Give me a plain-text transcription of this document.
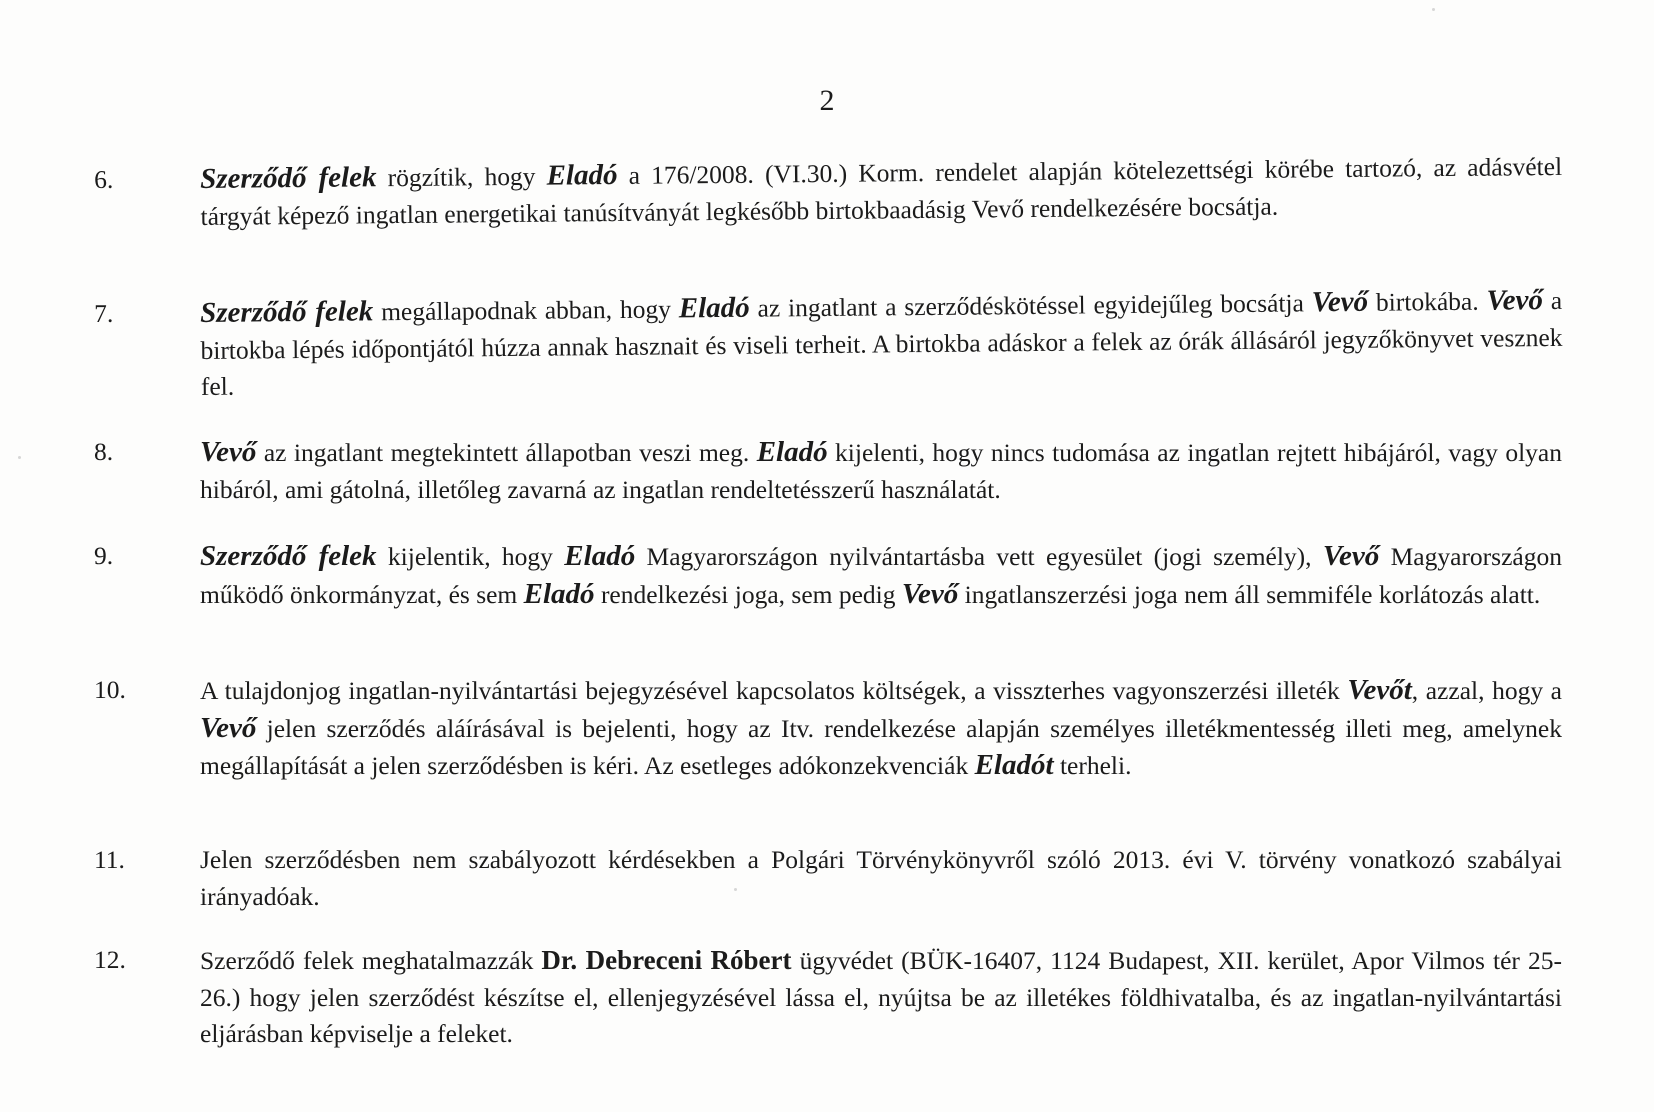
2
6.	Szerződő felek rögzítik, hogy Eladó a 176/2008. (VI.30.) Korm. rendelet alapján kötelezettségi körébe tartozó, az adásvétel tárgyát képező ingatlan energetikai tanúsítványát legkésőbb birtokbaadásig Vevő rendelkezésére bocsátja.
7.	Szerződő felek megállapodnak abban, hogy Eladó az ingatlant a szerződéskötéssel egyidejűleg bocsátja Vevő birtokába. Vevő a birtokba lépés időpontjától húzza annak hasznait és viseli terheit. A birtokba adáskor a felek az órák állásáról jegyzőkönyvet vesznek fel.
8.	Vevő az ingatlant megtekintett állapotban veszi meg. Eladó kijelenti, hogy nincs tudomása az ingatlan rejtett hibájáról, vagy olyan hibáról, ami gátolná, illetőleg zavarná az ingatlan rendeltetésszerű használatát.
9.	Szerződő felek kijelentik, hogy Eladó Magyarországon nyilvántartásba vett egyesület (jogi személy), Vevő Magyarországon működő önkormányzat, és sem Eladó rendelkezési joga, sem pedig Vevő ingatlanszerzési joga nem áll semmiféle korlátozás alatt.
10.	A tulajdonjog ingatlan-nyilvántartási bejegyzésével kapcsolatos költségek, a visszterhes vagyonszerzési illeték Vevőt, azzal, hogy a Vevő jelen szerződés aláírásával is bejelenti, hogy az Itv. rendelkezése alapján személyes illetékmentesség illeti meg, amelynek megállapítását a jelen szerződésben is kéri. Az esetleges adókonzekvenciák Eladót terheli.
11.	Jelen szerződésben nem szabályozott kérdésekben a Polgári Törvénykönyvről szóló 2013. évi V. törvény vonatkozó szabályai irányadóak.
12.	Szerződő felek meghatalmazzák Dr. Debreceni Róbert ügyvédet (BÜK-16407, 1124 Budapest, XII. kerület, Apor Vilmos tér 25-26.) hogy jelen szerződést készítse el, ellenjegyzésével lássa el, nyújtsa be az illetékes földhivatalba, és az ingatlan-nyilvántartási eljárásban képviselje a feleket.
